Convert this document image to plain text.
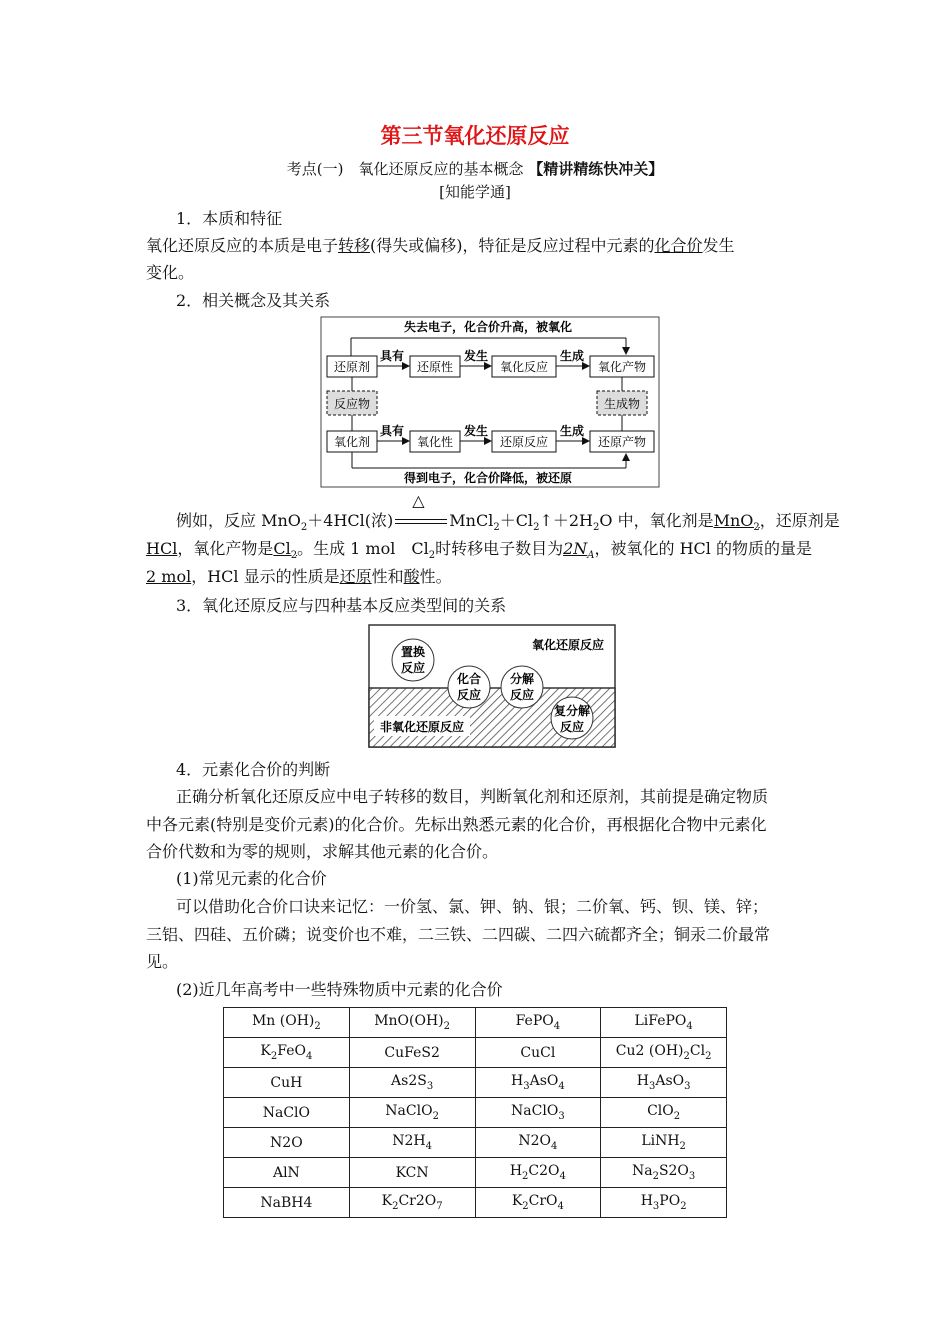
第三节氧化还原反应
考点(一)　氧化还原反应的基本概念 【精讲精练快冲关】
[知能学通]
1．本质和特征
氧化还原反应的本质是电子转移(得失或偏移)，特征是反应过程中元素的化合价发生
变化。
2．相关概念及其关系
失去电子，化合价升高，被氧化
还原剂	还原性	氧化反应	氧化产物
具有	发生	生成
反应物	生成物
氧化剂	氧化性	还原反应	还原产物
具有	发生	生成
得到电子，化合价降低，被还原
例如，反应 MnO$_2$＋4HCl(浓)
△
$MnCl_2+Cl_2↑+2H_2O$ 中，氧化剂是MnO$_2$，还原剂是
HCl，氧化产物是$Cl_2$。生成 1 mol　$Cl_2$时转移电子数目为$2N_A$，被氧化的 HCl 的物质的量是
2 mol，HCl 显示的性质是还原性和酸性。
3．氧化还原反应与四种基本反应类型间的关系
氧化还原反应
非氧化还原反应
置换
反应
化合
反应
分解
反应
复分解
反应
4．元素化合价的判断
正确分析氧化还原反应中电子转移的数目，判断氧化剂和还原剂，其前提是确定物质
中各元素(特别是变价元素)的化合价。先标出熟悉元素的化合价，再根据化合物中元素化
合价代数和为零的规则，求解其他元素的化合价。
(1)常见元素的化合价
可以借助化合价口诀来记忆：一价氢、氯、钾、钠、银；二价氧、钙、钡、镁、锌；
三铝、四硅、五价磷；说变价也不难，二三铁、二四碳、二四六硫都齐全；铜汞二价最常
见。
(2)近几年高考中一些特殊物质中元素的化合价
Mn $(OH)_2$	$MnO(OH)_2$	FePO$_4$	LiFePO$_4$
$K_2FeO_4$	CuFeS2	CuCl	Cu2 $(OH)_2Cl_2$
CuH	$As2S_3$	$H_3AsO_4$	$H_3AsO_3$
NaClO	NaClO$_2$	NaClO$_3$	ClO$_2$
N2O	$N2H_4$	$N2O_4$	LiNH$_2$
AlN	KCN	$H_2C2O_4$	$Na_2S2O_3$
NaBH4	$K_2Cr2O_7$	$K_2CrO_4$	$H_3PO_2$
